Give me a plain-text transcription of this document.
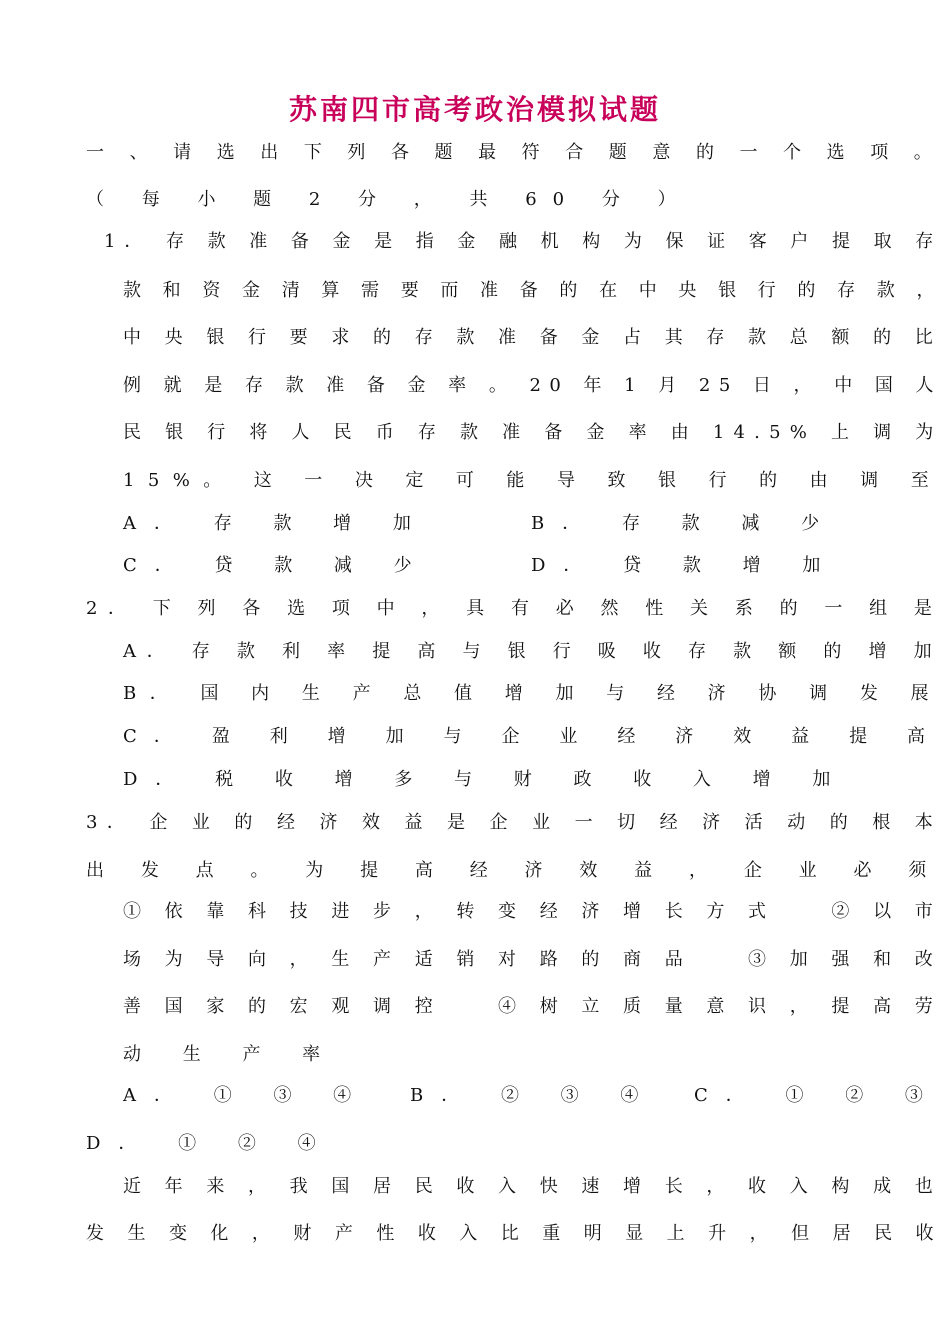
苏南四市高考政治模拟试题
一 、 请 选 出 下 列 各 题 最 符 合 题 意 的 一 个 选 项 。
（ 每 小 题 2 分 ， 共 60 分 ）
1． 存 款 准 备 金 是 指 金 融 机 构 为 保 证 客 户 提 取 存
款 和 资 金 清 算 需 要 而 准 备 的 在 中 央 银 行 的 存 款 ，
中 央 银 行 要 求 的 存 款 准 备 金 占 其 存 款 总 额 的 比
例 就 是 存 款 准 备 金 率 。 20 年 1 月 25 日 ， 中 国 人
民 银 行 将 人 民 币 存 款 准 备 金 率 由 14.5% 上 调 为
15%。 这 一 决 定 可 能 导 致 银 行 的 由 调 至
A． 存 款 增 加	B． 存 款 减 少
C． 贷 款 减 少	D． 贷 款 增 加
2． 下 列 各 选 项 中 ， 具 有 必 然 性 关 系 的 一 组 是
A． 存 款 利 率 提 高 与 银 行 吸 收 存 款 额 的 增 加
B． 国 内 生 产 总 值 增 加 与 经 济 协 调 发 展
C． 盈 利 增 加 与 企 业 经 济 效 益 提 高
D． 税 收 增 多 与 财 政 收 入 增 加
3． 企 业 的 经 济 效 益 是 企 业 一 切 经 济 活 动 的 根 本
出 发 点 。 为 提 高 经 济 效 益 ， 企 业 必 须
① 依 靠 科 技 进 步 ， 转 变 经 济 增 长 方 式 　 ② 以 市
场 为 导 向 ， 生 产 适 销 对 路 的 商 品 　 ③ 加 强 和 改
善 国 家 的 宏 观 调 控 　 ④ 树 立 质 量 意 识 ， 提 高 劳
动 生 产 率
A． ① ③ ④ B． ② ③ ④ C． ① ② ③
D． ① ② ④
近 年 来 ， 我 国 居 民 收 入 快 速 增 长 ， 收 入 构 成 也
发 生 变 化 ， 财 产 性 收 入 比 重 明 显 上 升 ， 但 居 民 收
